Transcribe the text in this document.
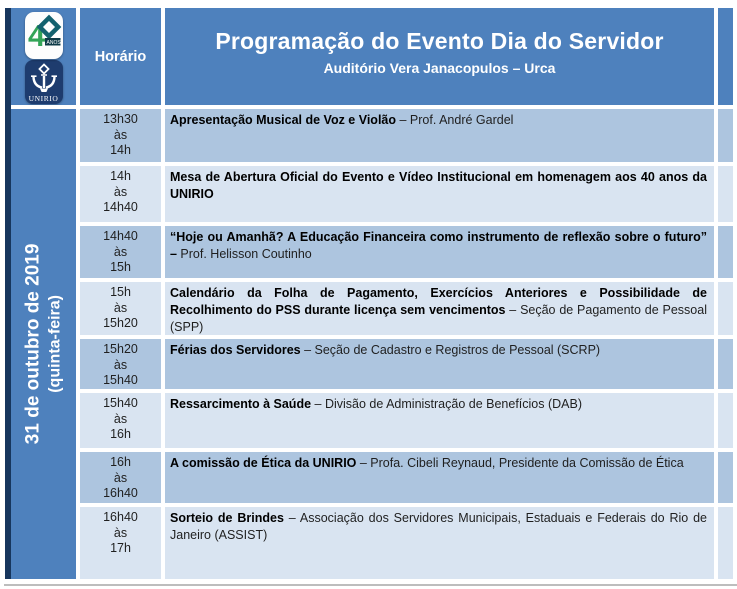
4 ANOS
UNIRIO
Horário
Programação do Evento Dia do Servidor
Auditório Vera Janacopulos – Urca
31 de outubro de 2019 (quinta-feira)
13h30
às
14h

Apresentação Musical de Voz e Violão – Prof. André Gardel

14h
às
14h40

Mesa de Abertura Oficial do Evento e Vídeo Institucional em homenagem aos 40 anos da UNIRIO

14h40
às
15h

“Hoje ou Amanhã? A Educação Financeira como instrumento de reflexão sobre o futuro” – Prof. Helisson Coutinho

15h
às
15h20

Calendário da Folha de Pagamento, Exercícios Anteriores e Possibilidade de Recolhimento do PSS durante licença sem vencimentos – Seção de Pagamento de Pessoal (SPP)

15h20
às
15h40

Férias dos Servidores – Seção de Cadastro e Registros de Pessoal (SCRP)

15h40
às
16h

Ressarcimento à Saúde – Divisão de Administração de Benefícios (DAB)

16h
às
16h40

A comissão de Ética da UNIRIO – Profa. Cibeli Reynaud, Presidente da Comissão de Ética

16h40
às
17h

Sorteio de Brindes – Associação dos Servidores Municipais, Estaduais e Federais do Rio de Janeiro (ASSIST)
